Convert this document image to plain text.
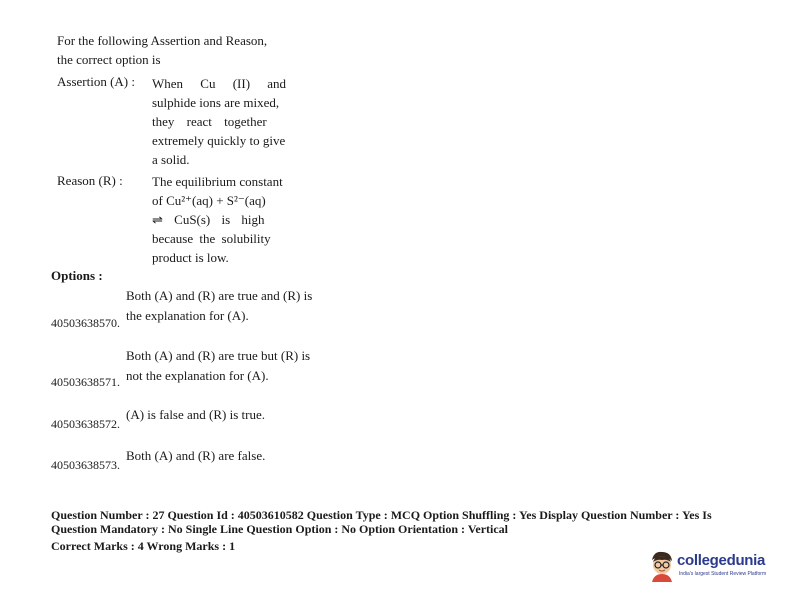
For the following Assertion and Reason,
the correct option is
Assertion (A) : When Cu (II) and
sulphide ions are mixed,
they react together
extremely quickly to give
a solid.
Reason (R) : The equilibrium constant
of Cu²⁺(aq) + S²⁻(aq)
⇌ CuS(s) is high
because the solubility
product is low.
Options :
40503638570.
Both (A) and (R) are true and (R) is
the explanation for (A).
40503638571.
Both (A) and (R) are true but (R) is
not the explanation for (A).
40503638572.
(A) is false and (R) is true.
40503638573.
Both (A) and (R) are false.
Question Number : 27 Question Id : 40503610582 Question Type : MCQ Option Shuffling : Yes Display Question Number : Yes Is
Question Mandatory : No Single Line Question Option : No Option Orientation : Vertical
Correct Marks : 4 Wrong Marks : 1
collegedunia
India's largest Student Review Platform
